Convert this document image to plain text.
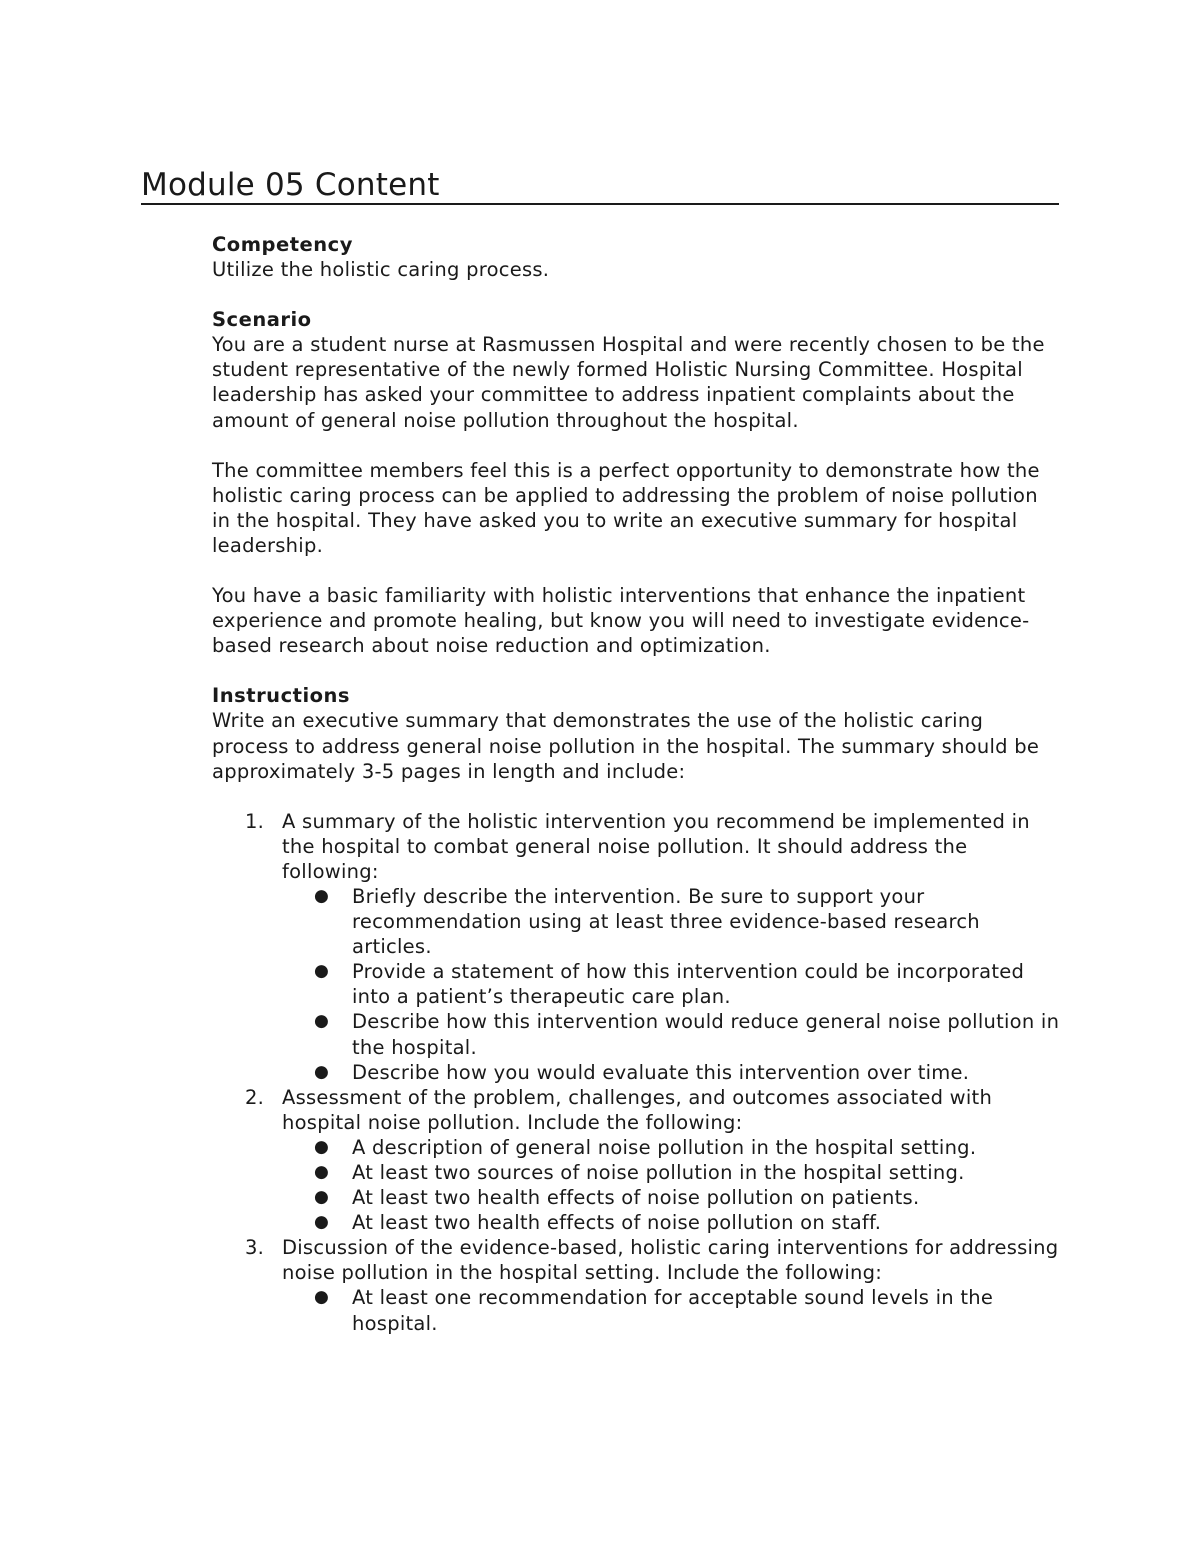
Module 05 Content
Competency

Utilize the holistic caring process.

Scenario

You are a student nurse at Rasmussen Hospital and were recently chosen to be the student representative of the newly formed Holistic Nursing Committee. Hospital leadership has asked your committee to address inpatient complaints about the amount of general noise pollution throughout the hospital.

The committee members feel this is a perfect opportunity to demonstrate how the holistic caring process can be applied to addressing the problem of noise pollution in the hospital. They have asked you to write an executive summary for hospital leadership.

You have a basic familiarity with holistic interventions that enhance the inpatient experience and promote healing, but know you will need to investigate evidence-based research about noise reduction and optimization.

Instructions

Write an executive summary that demonstrates the use of the holistic caring process to address general noise pollution in the hospital. The summary should be approximately 3-5 pages in length and include:

1. A summary of the holistic intervention you recommend be implemented in the hospital to combat general noise pollution. It should address the following:
● Briefly describe the intervention. Be sure to support your recommendation using at least three evidence-based research articles.
● Provide a statement of how this intervention could be incorporated into a patient’s therapeutic care plan.
● Describe how this intervention would reduce general noise pollution in the hospital.
● Describe how you would evaluate this intervention over time.
2. Assessment of the problem, challenges, and outcomes associated with hospital noise pollution. Include the following:
● A description of general noise pollution in the hospital setting.
● At least two sources of noise pollution in the hospital setting.
● At least two health effects of noise pollution on patients.
● At least two health effects of noise pollution on staff.
3. Discussion of the evidence-based, holistic caring interventions for addressing noise pollution in the hospital setting. Include the following:
● At least one recommendation for acceptable sound levels in the hospital.
